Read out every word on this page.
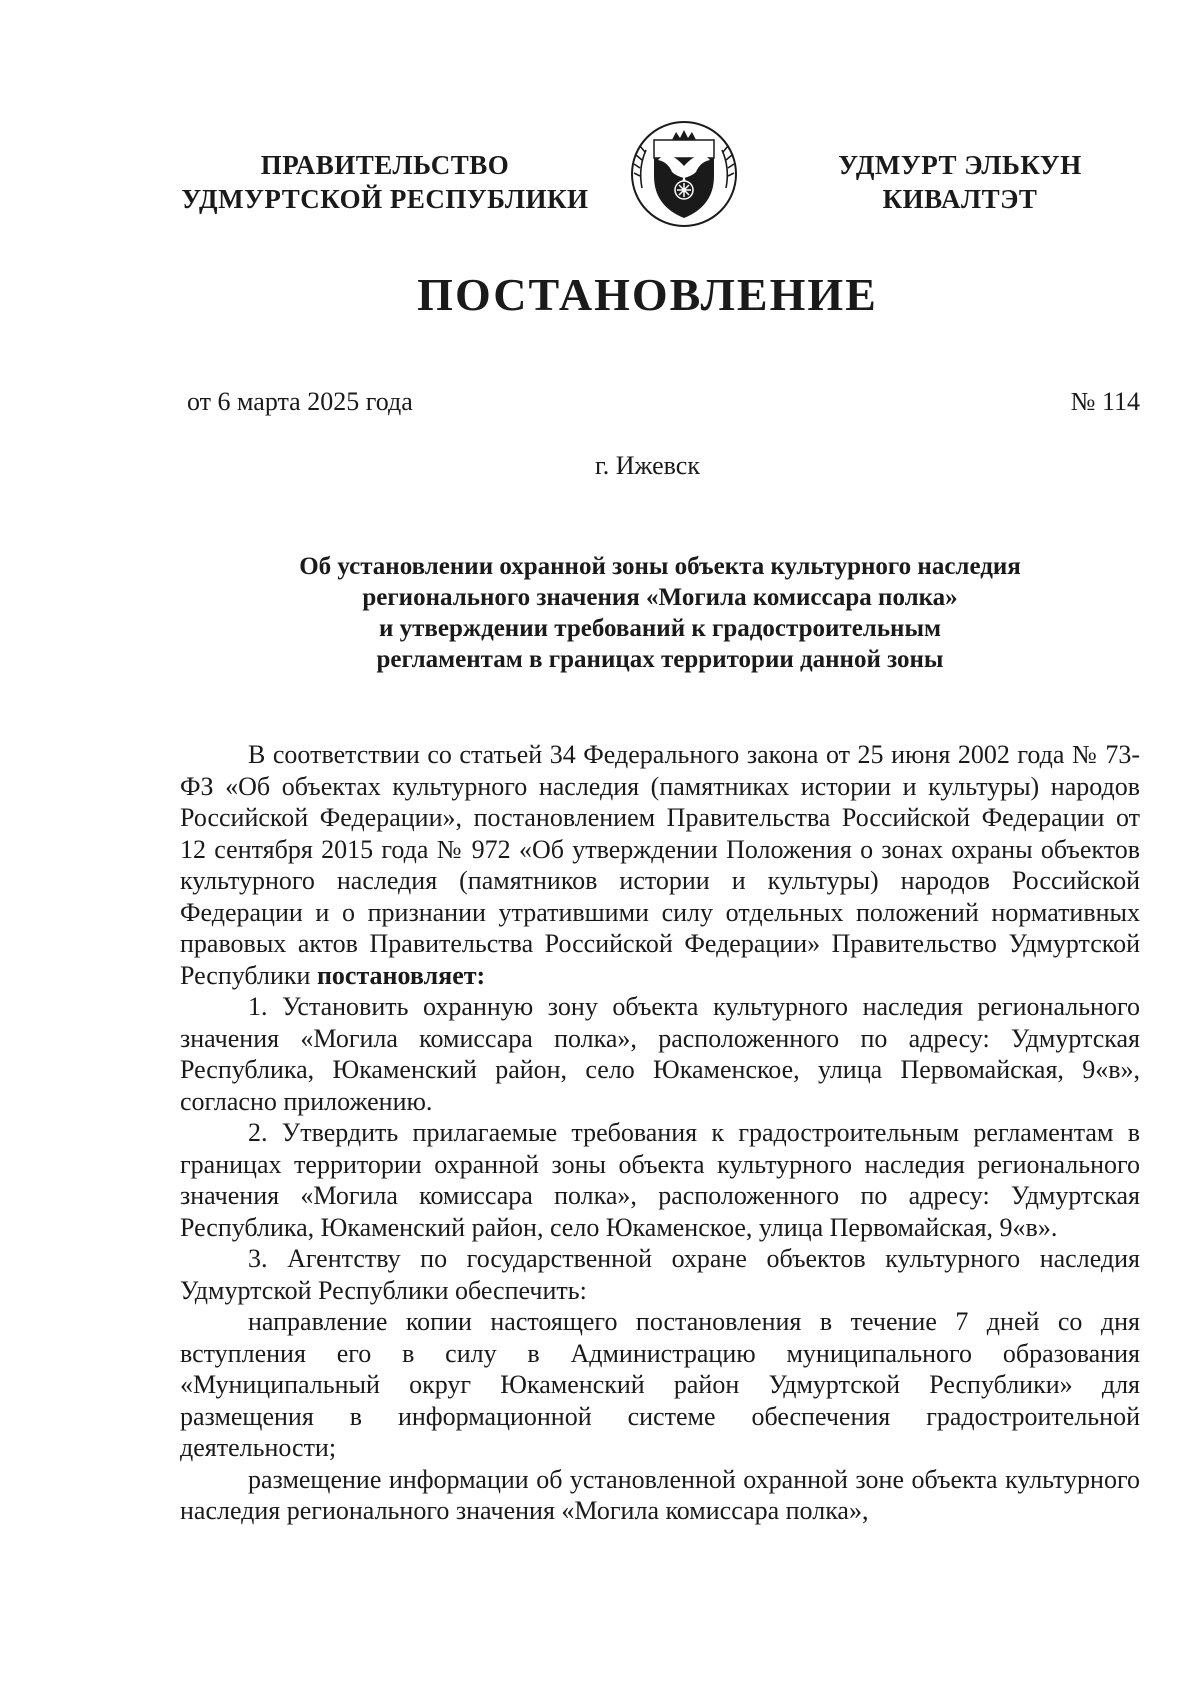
ПРАВИТЕЛЬСТВО
УДМУРТСКОЙ РЕСПУБЛИКИ
УДМУРТ ЭЛЬКУН
КИВАЛТЭТ
ПОСТАНОВЛЕНИЕ
от 6 марта 2025 года	№ 114
г. Ижевск
Об установлении охранной зоны объекта культурного наследия
регионального значения «Могила комиссара полка»
и утверждении требований к градостроительным
регламентам в границах территории данной зоны

В соответствии со статьей 34 Федерального закона от 25 июня 2002 года № 73-ФЗ «Об объектах культурного наследия (памятниках истории и культуры) народов Российской Федерации», постановлением Правительства Российской Федерации от 12 сентября 2015 года № 972 «Об утверждении Положения о зонах охраны объектов культурного наследия (памятников истории и культуры) народов Российской Федерации и о признании утратившими силу отдельных положений нормативных правовых актов Правительства Российской Федерации» Правительство Удмуртской Республики постановляет:

1. Установить охранную зону объекта культурного наследия регионального значения «Могила комиссара полка», расположенного по адресу: Удмуртская Республика, Юкаменский район, село Юкаменское, улица Первомайская, 9«в», согласно приложению.

2. Утвердить прилагаемые требования к градостроительным регламентам в границах территории охранной зоны объекта культурного наследия регионального значения «Могила комиссара полка», расположенного по адресу: Удмуртская Республика, Юкаменский район, село Юкаменское, улица Первомайская, 9«в».

3. Агентству по государственной охране объектов культурного наследия Удмуртской Республики обеспечить:

направление копии настоящего постановления в течение 7 дней со дня вступления его в силу в Администрацию муниципального образования «Муниципальный округ Юкаменский район Удмуртской Республики» для размещения в информационной системе обеспечения градостроительной деятельности;

размещение информации об установленной охранной зоне объекта культурного наследия регионального значения «Могила комиссара полка»,
